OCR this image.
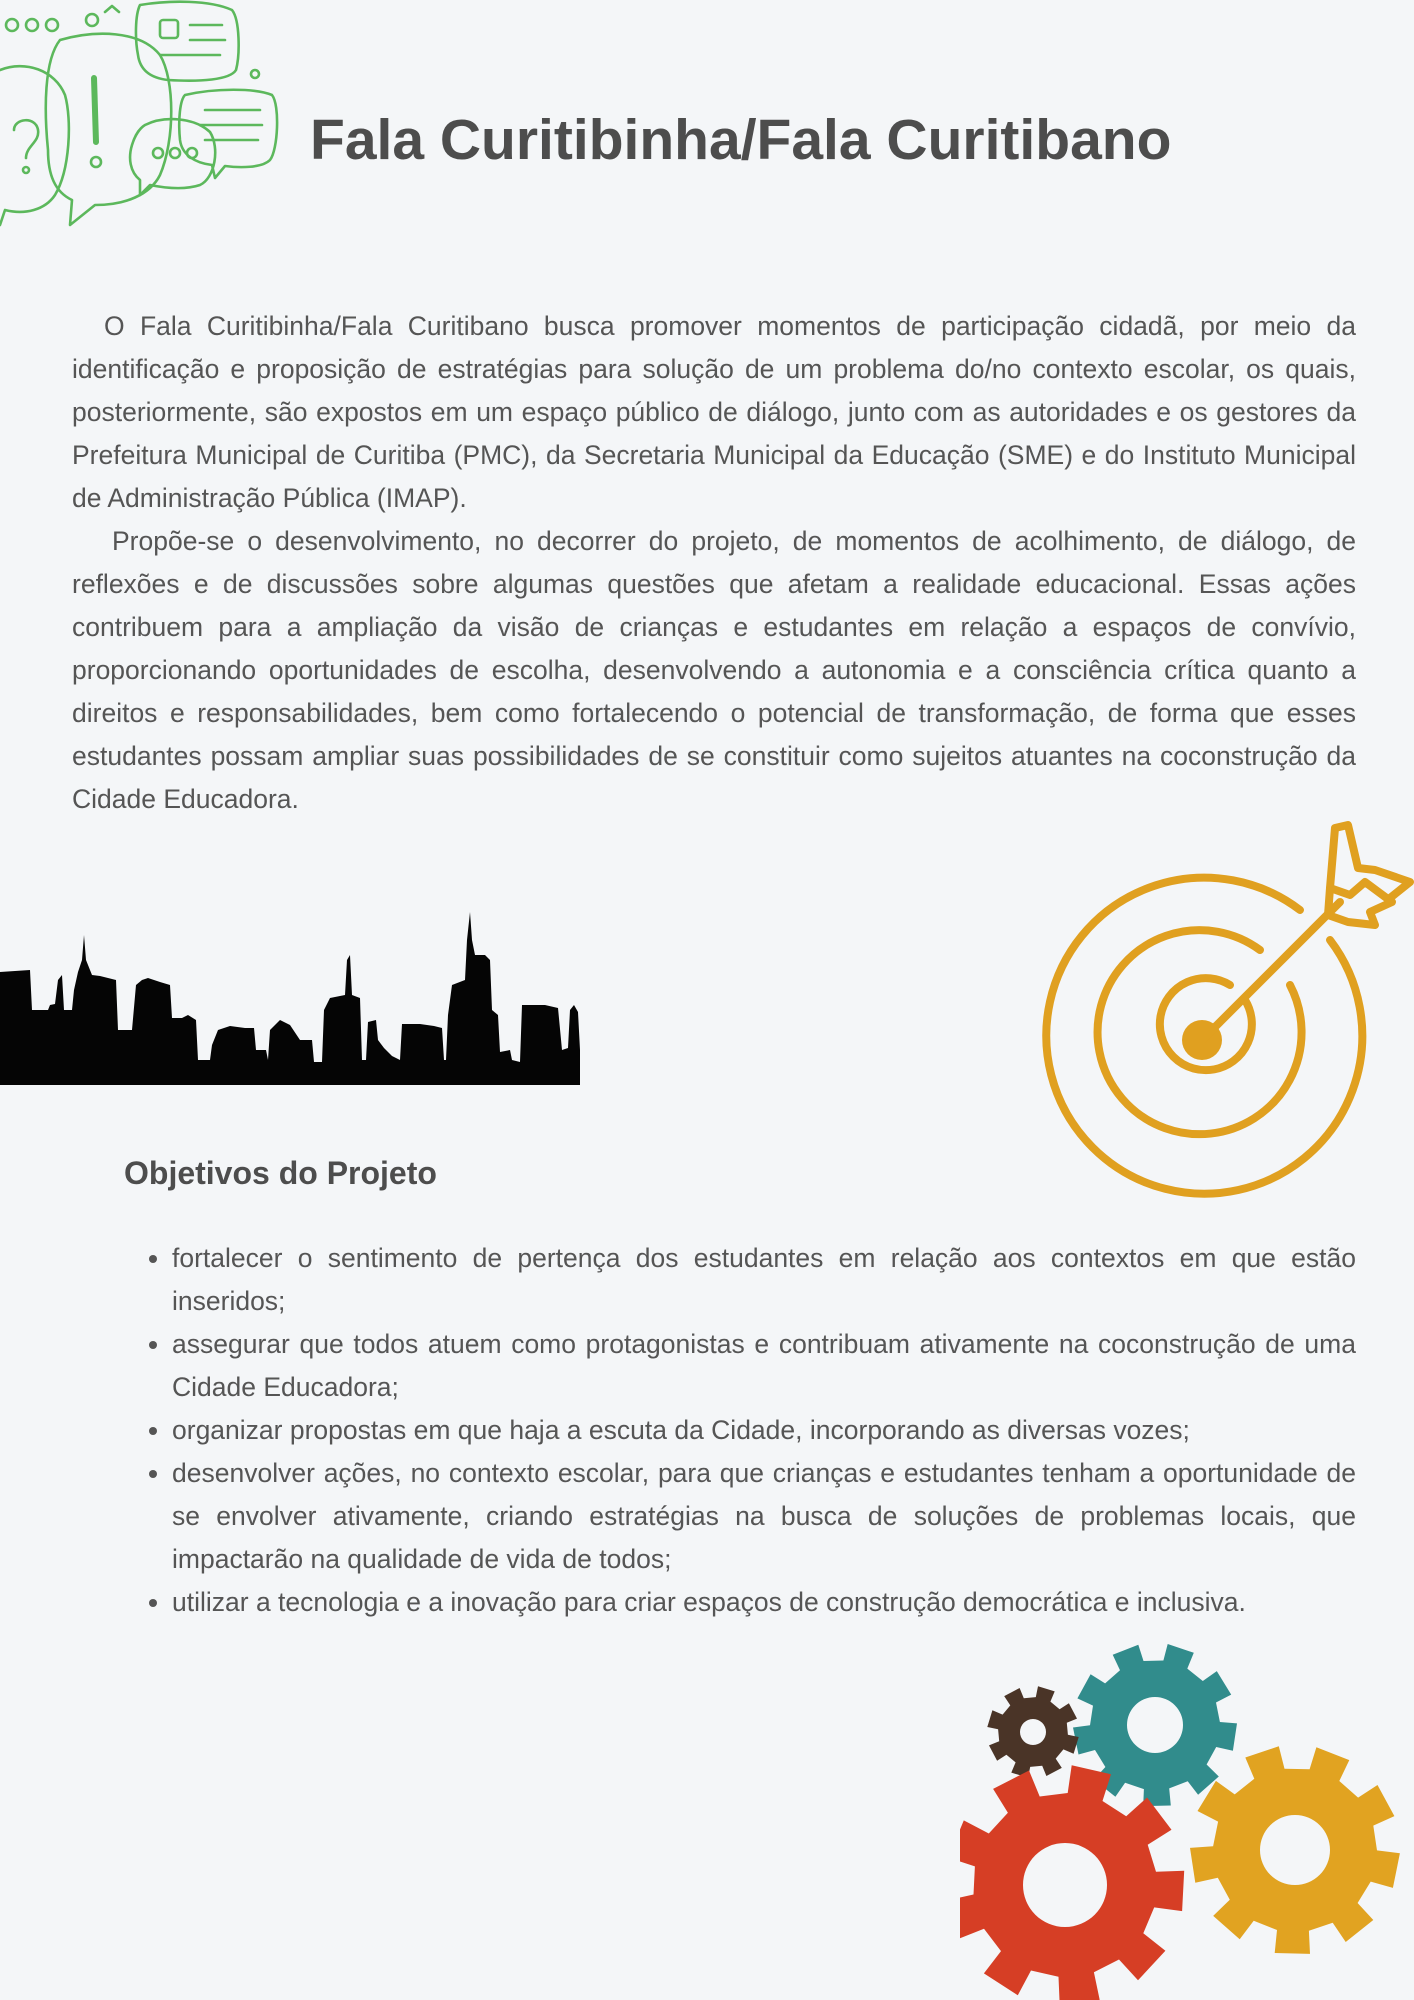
Fala Curitibinha/Fala Curitibano

O Fala Curitibinha/Fala Curitibano busca promover momentos de participação cidadã, por meio da identificação e proposição de estratégias para solução de um problema do/no contexto escolar, os quais, posteriormente, são expostos em um espaço público de diálogo, junto com as autoridades e os gestores da Prefeitura Municipal de Curitiba (PMC), da Secretaria Municipal da Educação (SME) e do Instituto Municipal de Administração Pública (IMAP).

Propõe-se o desenvolvimento, no decorrer do projeto, de momentos de acolhimento, de diálogo, de reflexões e de discussões sobre algumas questões que afetam a realidade educacional. Essas ações contribuem para a ampliação da visão de crianças e estudantes em relação a espaços de convívio, proporcionando oportunidades de escolha, desenvolvendo a autonomia e a consciência crítica quanto a direitos e responsabilidades, bem como fortalecendo o potencial de transformação, de forma que esses estudantes possam ampliar suas possibilidades de se constituir como sujeitos atuantes na coconstrução da Cidade Educadora.

Objetivos do Projeto
• fortalecer o sentimento de pertença dos estudantes em relação aos contextos em que estão inseridos;
• assegurar que todos atuem como protagonistas e contribuam ativamente na coconstrução de uma Cidade Educadora;
• organizar propostas em que haja a escuta da Cidade, incorporando as diversas vozes;
• desenvolver ações, no contexto escolar, para que crianças e estudantes tenham a oportunidade de se envolver ativamente, criando estratégias na busca de soluções de problemas locais, que impactarão na qualidade de vida de todos;
• utilizar a tecnologia e a inovação para criar espaços de construção democrática e inclusiva.
